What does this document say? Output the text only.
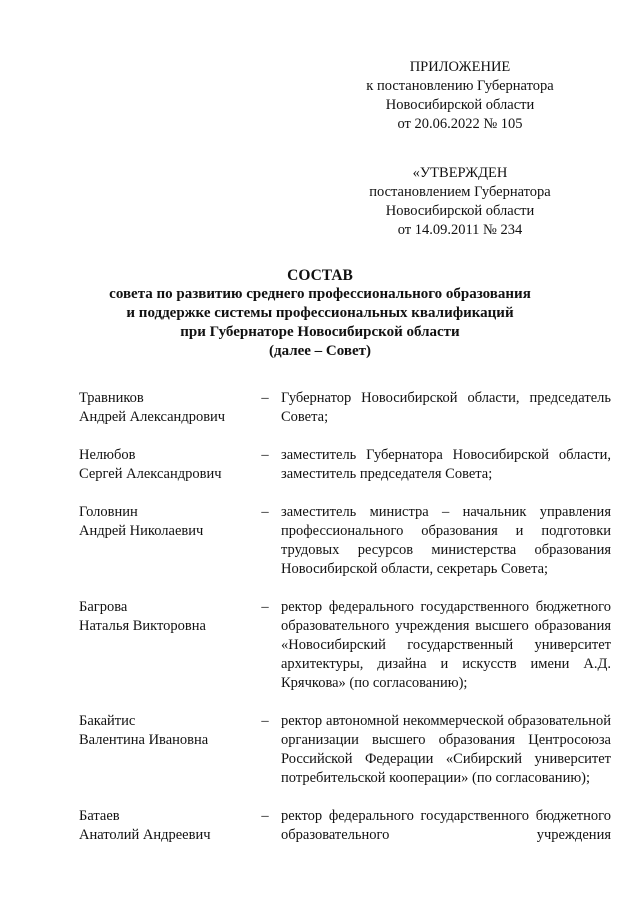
ПРИЛОЖЕНИЕ
к постановлению Губернатора
Новосибирской области
от 20.06.2022 № 105
«УТВЕРЖДЕН
постановлением Губернатора
Новосибирской области
от 14.09.2011 № 234
СОСТАВ
совета по развитию среднего профессионального образования
и поддержке системы профессиональных квалификаций
при Губернаторе Новосибирской области
(далее – Совет)
Травников
Андрей Александрович
– Губернатор Новосибирской области, председатель Совета;
Нелюбов
Сергей Александрович
– заместитель Губернатора Новосибирской области, заместитель председателя Совета;
Головнин
Андрей Николаевич
– заместитель министра – начальник управления профессионального образования и подготовки трудовых ресурсов министерства образования Новосибирской области, секретарь Совета;
Багрова
Наталья Викторовна
– ректор федерального государственного бюджетного образовательного учреждения высшего образования «Новосибирский государственный университет архитектуры, дизайна и искусств имени А.Д. Крячкова» (по согласованию);
Бакайтис
Валентина Ивановна
– ректор автономной некоммерческой образовательной организации высшего образования Центросоюза Российской Федерации «Сибирский университет потребительской кооперации» (по согласованию);
Батаев
Анатолий Андреевич
– ректор федерального государственного бюджетного образовательного учреждения
